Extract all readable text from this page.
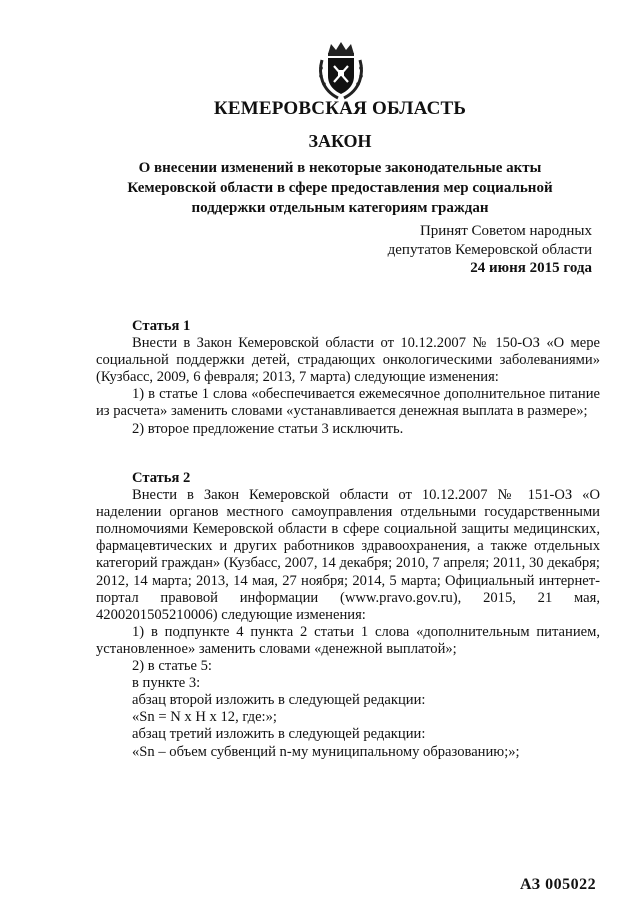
КЕМЕРОВСКАЯ ОБЛАСТЬ
ЗАКОН
О внесении изменений в некоторые законодательные акты
Кемеровской области в сфере предоставления мер социальной
поддержки отдельным категориям граждан
Принят Советом народных
депутатов Кемеровской области
24 июня 2015 года

Статья 1

Внести в Закон Кемеровской области от 10.12.2007 № 150-ОЗ «О мере социальной поддержки детей, страдающих онкологическими заболеваниями» (Кузбасс, 2009, 6 февраля; 2013, 7 марта) следующие изменения:

1) в статье 1 слова «обеспечивается ежемесячное дополнительное питание из расчета» заменить словами «устанавливается денежная выплата в размере»;

2) второе предложение статьи 3 исключить.

Статья 2

Внести в Закон Кемеровской области от 10.12.2007 № 151-ОЗ «О наделении органов местного самоуправления отдельными государственными полномочиями Кемеровской области в сфере социальной защиты медицинских, фармацевтических и других работников здравоохранения, а также отдельных категорий граждан» (Кузбасс, 2007, 14 декабря; 2010, 7 апреля; 2011, 30 декабря; 2012, 14 марта; 2013, 14 мая, 27 ноября; 2014, 5 марта; Официальный интернет-портал правовой информации (www.pravo.gov.ru), 2015, 21 мая, 4200201505210006) следующие изменения:

1) в подпункте 4 пункта 2 статьи 1 слова «дополнительным питанием, установленное» заменить словами «денежной выплатой»;

2) в статье 5:

в пункте 3:

абзац второй изложить в следующей редакции:

«Sn = N x H x 12, где:»;

абзац третий изложить в следующей редакции:

«Sn – объем субвенций n-му муниципальному образованию;»;

АЗ 005022
